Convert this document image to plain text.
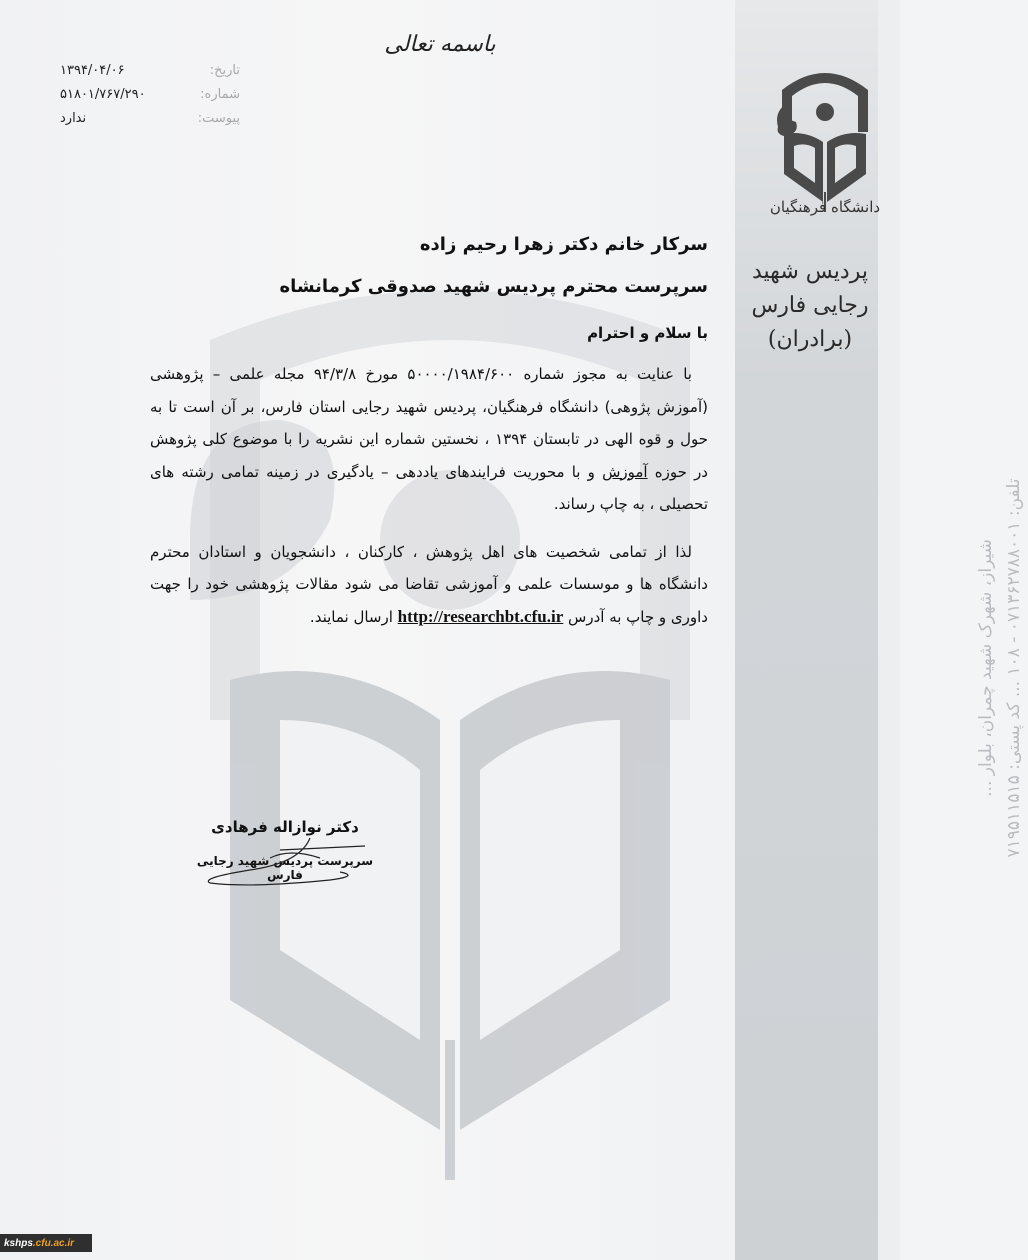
دانشگاه فرهنگیان
پردیس شهید رجایی فارس
(برادران)
شیراز، شهرک شهید چمران، بلوار ...
تلفن: ۰۷۱۳۶۲۷۸۸۰۰۱ - ۱۰۸ ... کد پستی: ۷۱۹۵۱۱۵۱۵
باسمه تعالی
تاریخ:
۱۳۹۴/۰۴/۰۶
شماره:
۵۱۸۰۱/۷۶۷/۲۹۰
پیوست:
ندارد
سرکار خانم دکتر زهرا رحیم زاده
سرپرست محترم پردیس شهید صدوقی کرمانشاه
با سلام و احترام

با عنایت به مجوز شماره ۵۰۰۰۰/۱۹۸۴/۶۰۰ مورخ ۹۴/۳/۸ مجله علمی – پژوهشی (آموزش پژوهی) دانشگاه فرهنگیان، پردیس شهید رجایی استان فارس، بر آن است تا به حول و قوه الهی در تابستان ۱۳۹۴ ، نخستین شماره این نشریه را با موضوع کلی پژوهش در حوزه آموزش و با محوریت فرایندهای یاددهی – یادگیری در زمینه تمامی رشته های تحصیلی ، به چاپ رساند.

لذا از تمامی شخصیت های اهل پژوهش ، کارکنان ، دانشجویان و استادان محترم دانشگاه ها و موسسات علمی و آموزشی تقاضا می شود مقالات پژوهشی خود را جهت داوری و چاپ به آدرس http://researchbt.cfu.ir ارسال نمایند.

دکتر نوازاله فرهادی
سرپرست پردیس شهید رجایی فارس
kshps .cfu.ac.ir
